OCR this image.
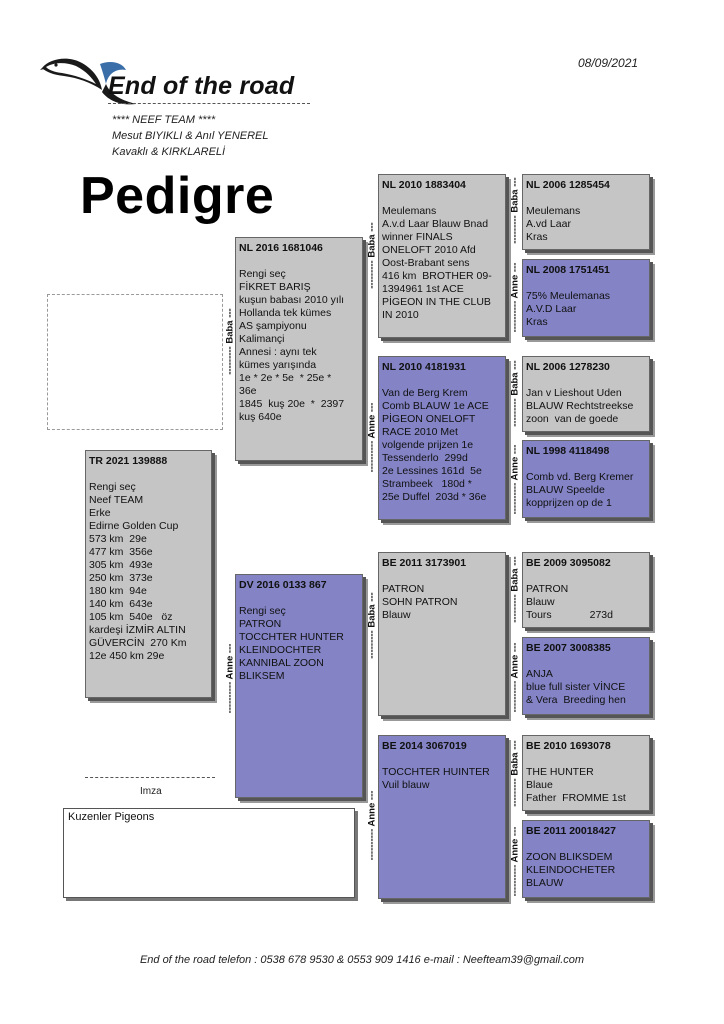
08/09/2021
End of the road
**** NEEF TEAM ****
Mesut BIYIKLI & Anıl YENEREL
Kavaklı & KIRKLARELİ
Pedigre
TR 2021 139888
Rengi seç
Neef TEAM
Erke
Edirne Golden Cup
573 km  29e
477 km  356e
305 km  493e
250 km  373e
180 km  94e
140 km  643e
105 km  540e   öz
kardeşi İZMİR ALTIN
GÜVERCİN  270 Km
12e 450 km 29e
NL 2016 1681046
Rengi seç
FİKRET BARIŞ
kuşun babası 2010 yılı
Hollanda tek kümes
AS şampiyonu
Kalimançi
Annesi : aynı tek
kümes yarışında
1e * 2e * 5e  * 25e *
36e
1845  kuş 20e  *  2397
kuş 640e
--------- Baba ---
DV 2016 0133 867
Rengi seç
PATRON
TOCCHTER HUNTER
KLEINDOCHTER
KANNIBAL ZOON
BLIKSEM
---------- Anne ---
NL 2010 1883404
Meulemans
A.v.d Laar Blauw Bnad
winner FINALS
ONELOFT 2010 Afd
Oost-Brabant sens
416 km  BROTHER 09-
1394961 1st ACE
PİGEON IN THE CLUB
IN 2010
--------- Baba ---
NL 2010 4181931
Van de Berg Krem
Comb BLAUW 1e ACE
PİGEON ONELOFT
RACE 2010 Met
volgende prijzen 1e
Tessenderlo  299d
2e Lessines 161d  5e
Strambeek   180d *
25e Duffel  203d * 36e
---------- Anne ---
BE 2011 3173901
PATRON
SOHN PATRON
Blauw
--------- Baba ---
BE 2014 3067019
TOCCHTER HUINTER
Vuil blauw
---------- Anne ---
NL 2006 1285454
Meulemans
A.vd Laar
Kras
--------- Baba ---
NL 2008 1751451
75% Meulemanas
A.V.D Laar
Kras
---------- Anne ---
NL 2006 1278230
Jan v Lieshout Uden
BLAUW Rechtstreekse
zoon  van de goede
--------- Baba ---
NL 1998 4118498
Comb vd. Berg Kremer
BLAUW Speelde
kopprijzen op de 1
---------- Anne ---
BE 2009 3095082
PATRON
Blauw
Tours             273d
--------- Baba ---
BE 2007 3008385
ANJA
blue full sister VİNCE
& Vera  Breeding hen
---------- Anne ---
BE 2010 1693078
THE HUNTER
Blaue
Father  FROMME 1st
--------- Baba ---
BE 2011 20018427
ZOON BLIKSDEM
KLEINDOCHETER
BLAUW
---------- Anne ---
Imza
Kuzenler Pigeons
End of the road telefon : 0538 678 9530 & 0553 909 1416 e-mail : Neefteam39@gmail.com
